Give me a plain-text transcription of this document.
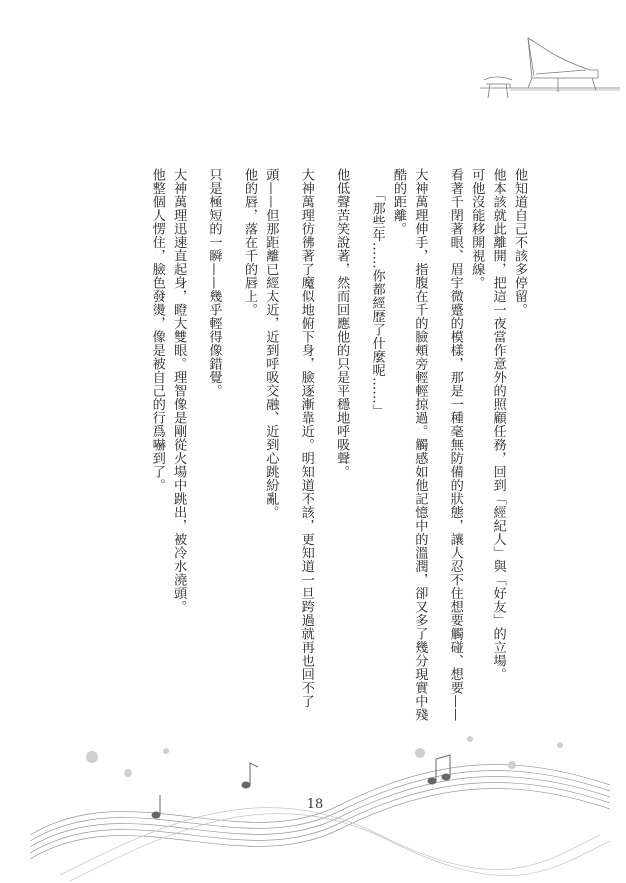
他知道自己不該多停留。

他本該就此離開，把這一夜當作意外的照顧任務，回到「經紀人」與「好友」的立場。

可他沒能移開視線。

看著千閉著眼、眉宇微蹙的模樣，那是一種毫無防備的狀態，讓人忍不住想要觸碰、想要——

大神萬理伸手，指腹在千的臉頰旁輕輕掠過。觸感如他記憶中的溫潤，卻又多了幾分現實中殘

酷的距離。

「那些年……你都經歷了什麼呢……」

他低聲苦笑說著，然而回應他的只是平穩地呼吸聲。

大神萬理彷彿著了魔似地俯下身，臉逐漸靠近。明知道不該，更知道一旦跨過就再也回不了

頭——但那距離已經太近，近到呼吸交融、近到心跳紛亂。

他的唇，落在千的唇上。

只是極短的一瞬——幾乎輕得像錯覺。

大神萬理迅速直起身，瞪大雙眼。理智像是剛從火場中跳出，被冷水澆頭。

他整個人愣住，臉色發燙，像是被自己的行爲嚇到了。

18
